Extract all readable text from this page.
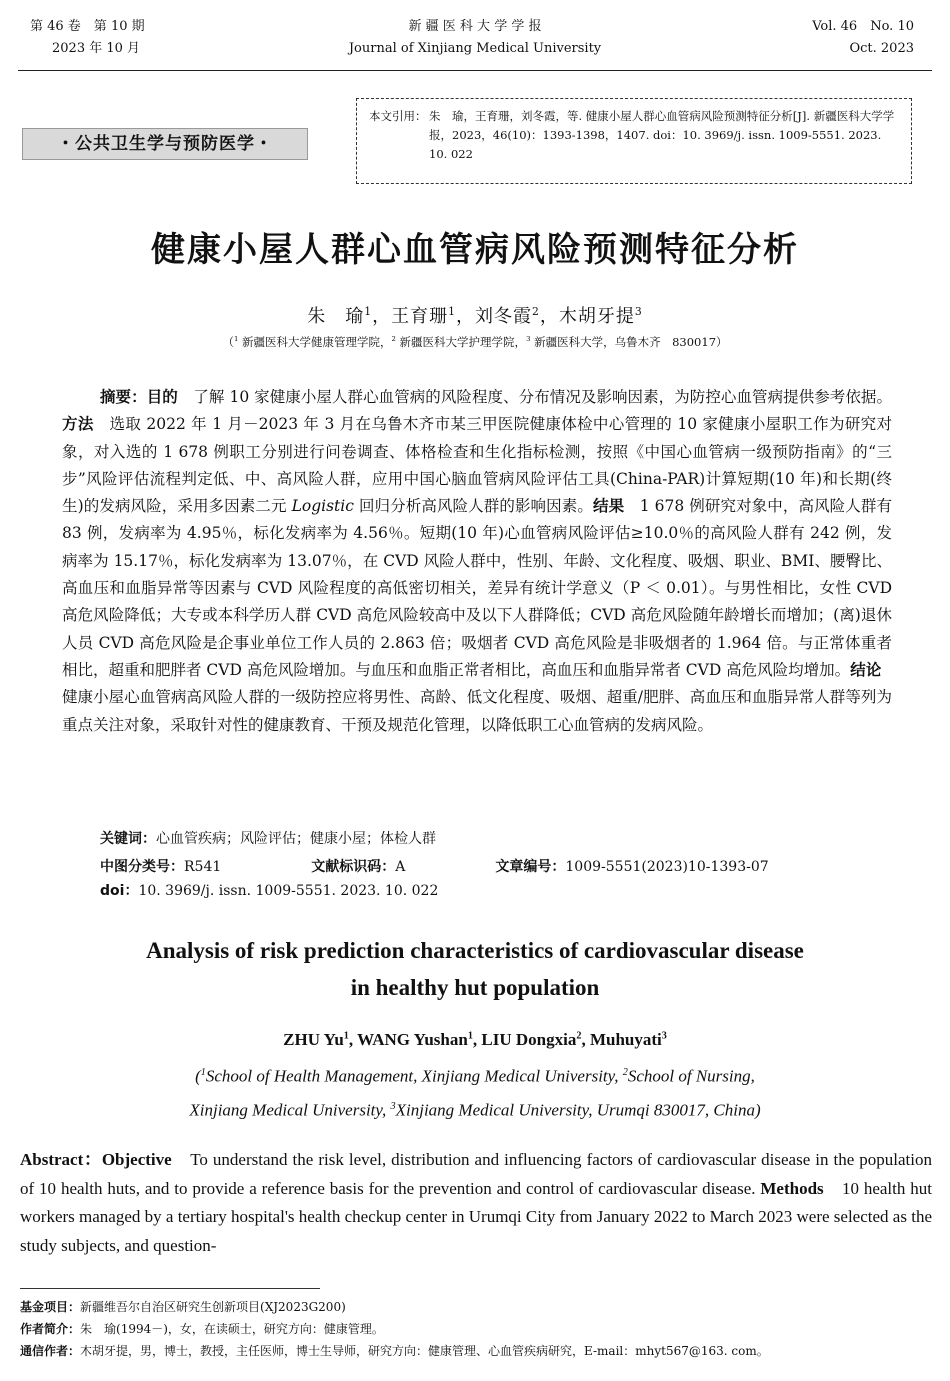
第 46 卷　第 10 期
2023 年 10 月
新 疆 医 科 大 学 学 报
Journal of Xinjiang Medical University
Vol. 46　No. 10
Oct. 2023
・公共卫生学与预防医学・
本文引用： 朱　瑜，王育珊，刘冬霞，等. 健康小屋人群心血管病风险预测特征分析[J]. 新疆医科大学学报，2023，46(10)：1393-1398，1407. doi：10. 3969/j. issn. 1009-5551. 2023. 10. 022
健康小屋人群心血管病风险预测特征分析
朱　瑜$^1$，王育珊$^1$，刘冬霞$^2$，木胡牙提$^3$
（$^1$ 新疆医科大学健康管理学院，$^2$ 新疆医科大学护理学院，$^3$ 新疆医科大学，乌鲁木齐　830017）
摘要：目的　了解 10 家健康小屋人群心血管病的风险程度、分布情况及影响因素，为防控心血管病提供参考依据。方法　选取 2022 年 1 月－2023 年 3 月在乌鲁木齐市某三甲医院健康体检中心管理的 10 家健康小屋职工作为研究对象，对入选的 1 678 例职工分别进行问卷调查、体格检查和生化指标检测，按照《中国心血管病一级预防指南》的“三步”风险评估流程判定低、中、高风险人群，应用中国心脑血管病风险评估工具(China-PAR)计算短期(10 年)和长期(终生)的发病风险，采用多因素二元 Logistic 回归分析高风险人群的影响因素。结果　1 678 例研究对象中，高风险人群有 83 例，发病率为 4.95％，标化发病率为 4.56％。短期(10 年)心血管病风险评估≥10.0％的高风险人群有 242 例，发病率为 15.17％，标化发病率为 13.07％，在 CVD 风险人群中，性别、年龄、文化程度、吸烟、职业、BMI、腰臀比、高血压和血脂异常等因素与 CVD 风险程度的高低密切相关，差异有统计学意义（P ＜ 0.01）。与男性相比，女性 CVD 高危风险降低；大专或本科学历人群 CVD 高危风险较高中及以下人群降低；CVD 高危风险随年龄增长而增加；(离)退休人员 CVD 高危风险是企事业单位工作人员的 2.863 倍；吸烟者 CVD 高危风险是非吸烟者的 1.964 倍。与正常体重者相比，超重和肥胖者 CVD 高危风险增加。与血压和血脂正常者相比，高血压和血脂异常者 CVD 高危风险均增加。结论　健康小屋心血管病高风险人群的一级防控应将男性、高龄、低文化程度、吸烟、超重/肥胖、高血压和血脂异常人群等列为重点关注对象，采取针对性的健康教育、干预及规范化管理，以降低职工心血管病的发病风险。
关键词：心血管疾病；风险评估；健康小屋；体检人群
中图分类号：R541	文献标识码：A	文章编号：1009-5551(2023)10-1393-07
doi：10. 3969/j. issn. 1009-5551. 2023. 10. 022
Analysis of risk prediction characteristics of cardiovascular disease
in healthy hut population
ZHU Yu$^1$, WANG Yushan$^1$, LIU Dongxia$^2$, Muhuyati$^3$
($^1$School of Health Management, Xinjiang Medical University, $^2$School of Nursing,
Xinjiang Medical University, $^3$Xinjiang Medical University, Urumqi 830017, China)
Abstract：Objective　To understand the risk level, distribution and influencing factors of cardiovascular disease in the population of 10 health huts, and to provide a reference basis for the prevention and control of cardiovascular disease. Methods　10 health hut workers managed by a tertiary hospital's health checkup center in Urumqi City from January 2022 to March 2023 were selected as the study subjects, and question-
基金项目：新疆维吾尔自治区研究生创新项目(XJ2023G200)
作者简介：朱　瑜(1994－)，女，在读硕士，研究方向：健康管理。
通信作者：木胡牙提，男，博士，教授，主任医师，博士生导师，研究方向：健康管理、心血管疾病研究，E-mail：mhyt567@163. com。
